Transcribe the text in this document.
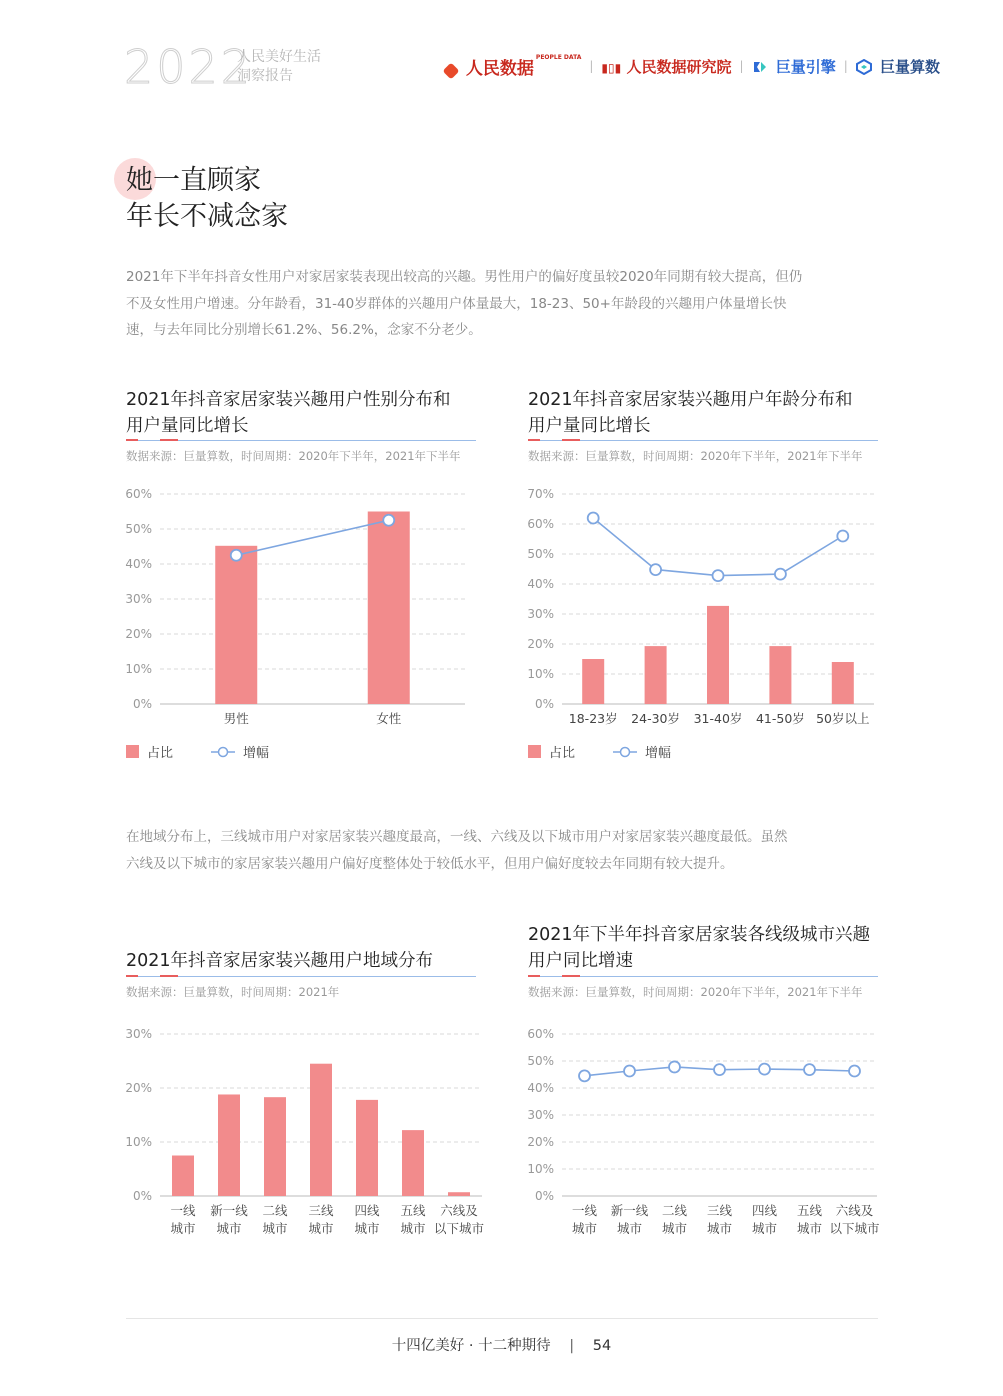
2022
人民美好生活
洞察报告	人民数据$^{PEOPLE DATA}$
| ▮▯▮ 人民数据研究院 |	巨量引擎 |	巨量算数
她一直顾家
年长不减念家
2021年下半年抖音女性用户对家居家装表现出较高的兴趣。男性用户的偏好度虽较2020年同期有较大提高，但仍
不及女性用户增速。分年龄看，31-40岁群体的兴趣用户体量最大，18-23、50+年龄段的兴趣用户体量增长快
速，与去年同比分别增长61.2%、56.2%，念家不分老少。
2021年抖音家居家装兴趣用户性别分布和
用户量同比增长
数据来源：巨量算数，时间周期：2020年下半年，2021年下半年
2021年抖音家居家装兴趣用户年龄分布和
用户量同比增长
数据来源：巨量算数，时间周期：2020年下半年，2021年下半年
0%
10%
20%
30%
40%
50%
60%
男性	女性
0%
10%
20%
30%
40%
50%
60%
70%
18-23岁 24-30岁 31-40岁 41-50岁 50岁以上
占比	增幅	占比	增幅
在地域分布上，三线城市用户对家居家装兴趣度最高，一线、六线及以下城市用户对家居家装兴趣度最低。虽然
六线及以下城市的家居家装兴趣用户偏好度整体处于较低水平，但用户偏好度较去年同期有较大提升。
2021年抖音家居家装兴趣用户地域分布
数据来源：巨量算数，时间周期：2021年
2021年下半年抖音家居家装各线级城市兴趣
用户同比增速
数据来源：巨量算数，时间周期：2020年下半年，2021年下半年
0%
10%
20%
30%
一线
城市
新一线
城市
二线
城市
三线
城市
四线
城市
五线
城市
六线及
以下城市
0%
10%
20%
30%
40%
50%
60%
一线
城市
新一线
城市
二线
城市
三线
城市
四线
城市
五线
城市
六线及
以下城市
十四亿美好 · 十二种期待 | 54
